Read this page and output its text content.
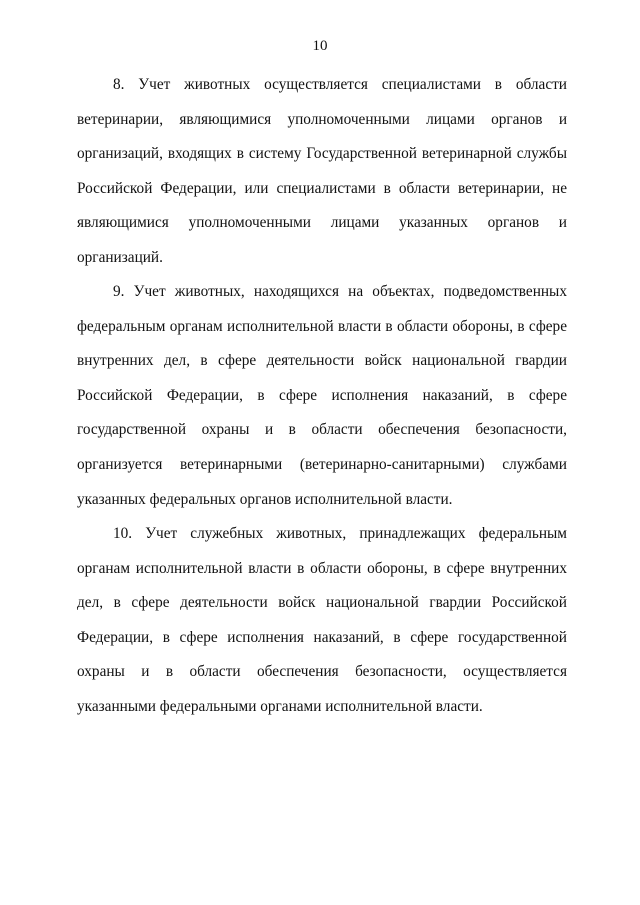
10

8. Учет животных осуществляется специалистами в области ветеринарии, являющимися уполномоченными лицами органов и организаций, входящих в систему Государственной ветеринарной службы Российской Федерации, или специалистами в области ветеринарии, не являющимися уполномоченными лицами указанных органов и организаций.

9. Учет животных, находящихся на объектах, подведомственных федеральным органам исполнительной власти в области обороны, в сфере внутренних дел, в сфере деятельности войск национальной гвардии Российской Федерации, в сфере исполнения наказаний, в сфере государственной охраны и в области обеспечения безопасности, организуется ветеринарными (ветеринарно-санитарными) службами указанных федеральных органов исполнительной власти.

10. Учет служебных животных, принадлежащих федеральным органам исполнительной власти в области обороны, в сфере внутренних дел, в сфере деятельности войск национальной гвардии Российской Федерации, в сфере исполнения наказаний, в сфере государственной охраны и в области обеспечения безопасности, осуществляется указанными федеральными органами исполнительной власти.
